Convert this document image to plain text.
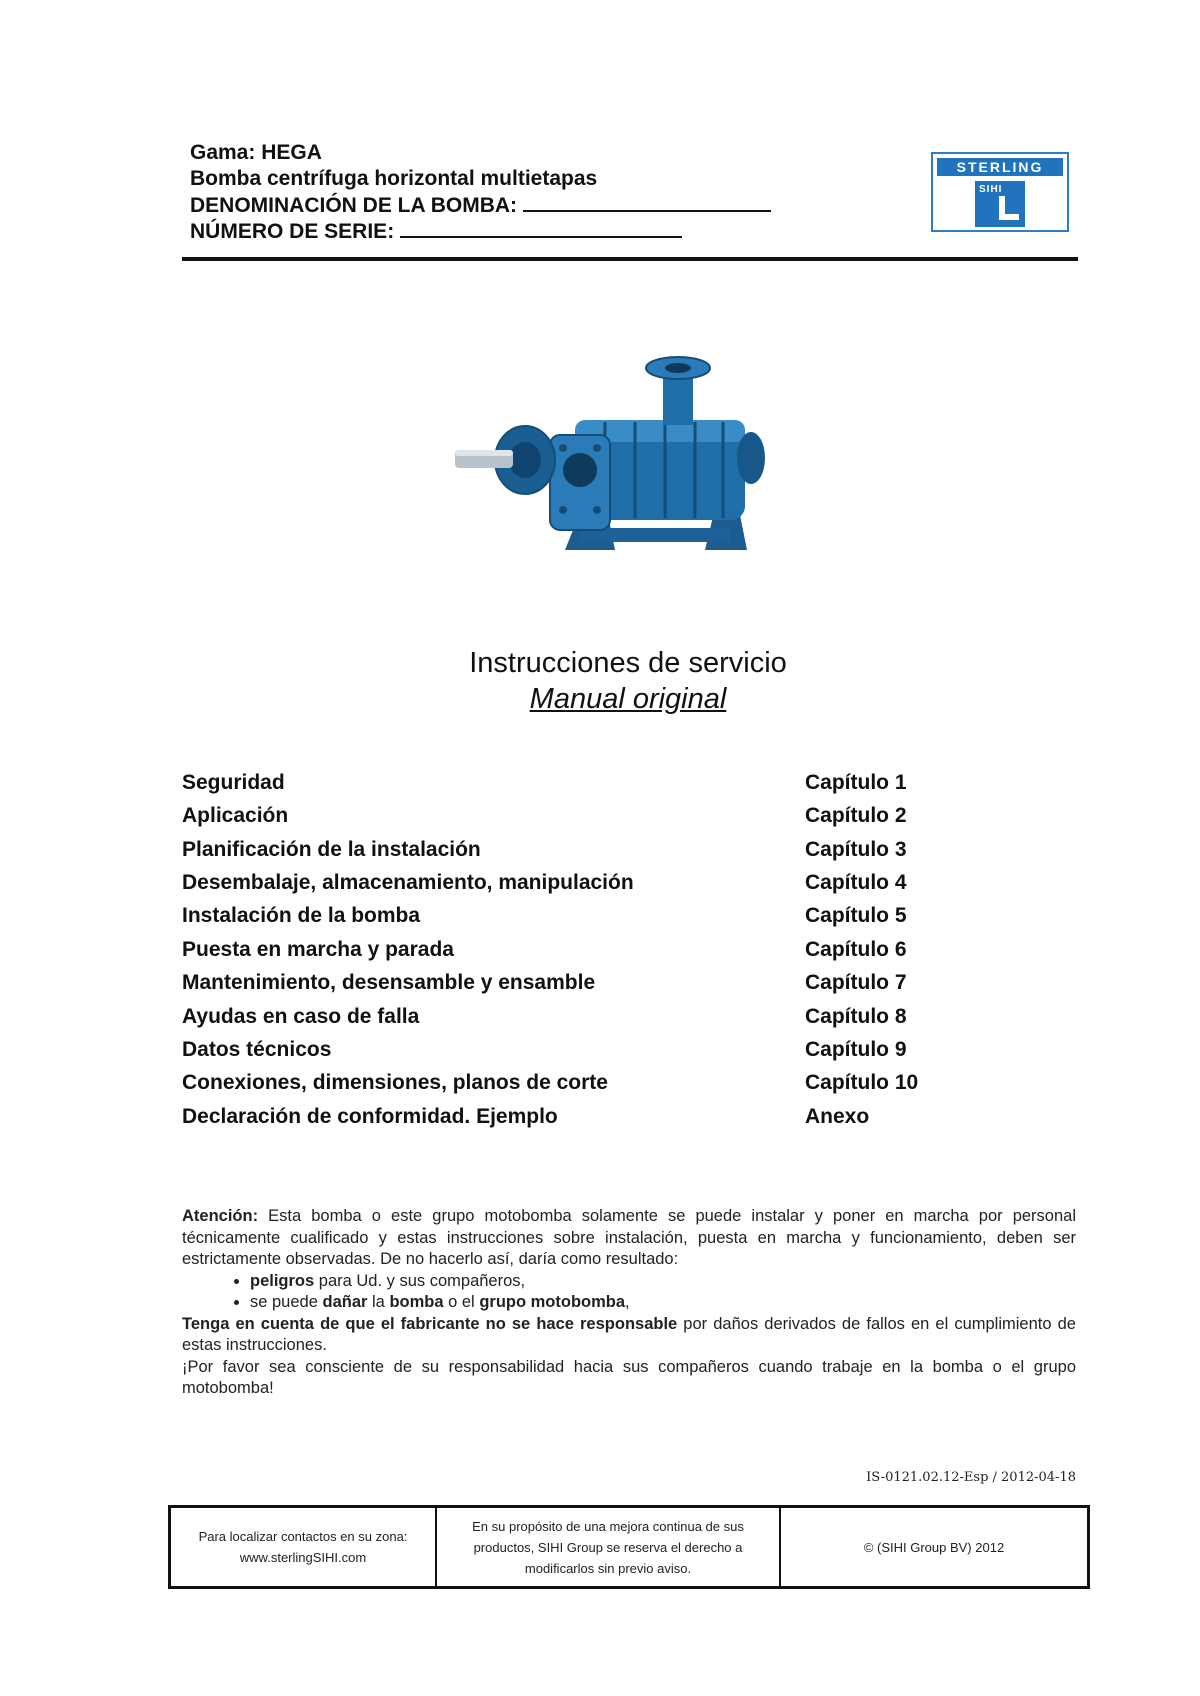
Gama: HEGA
Bomba centrífuga horizontal multietapas
DENOMINACIÓN DE LA BOMBA:
NÚMERO DE SERIE:
STERLING
SIHI
Instrucciones de servicio
Manual original
Seguridad	Capítulo 1
Aplicación	Capítulo 2
Planificación de la instalación	Capítulo 3
Desembalaje, almacenamiento, manipulación	Capítulo 4
Instalación de la bomba	Capítulo 5
Puesta en marcha y parada	Capítulo 6
Mantenimiento, desensamble y ensamble	Capítulo 7
Ayudas en caso de falla	Capítulo 8
Datos técnicos	Capítulo 9
Conexiones, dimensiones, planos de corte	Capítulo 10
Declaración de conformidad. Ejemplo	Anexo

Atención: Esta bomba o este grupo motobomba solamente se puede instalar y poner en marcha por personal técnicamente cualificado y estas instrucciones sobre instalación, puesta en marcha y funcionamiento, deben ser estrictamente observadas. De no hacerlo así, daría como resultado:

• peligros para Ud. y sus compañeros,
• se puede dañar la bomba o el grupo motobomba,

Tenga en cuenta de que el fabricante no se hace responsable por daños derivados de fallos en el cumplimiento de estas instrucciones.

¡Por favor sea consciente de su responsabilidad hacia sus compañeros cuando trabaje en la bomba o el grupo motobomba!

IS-0121.02.12-Esp / 2012-04-18
Para localizar contactos en su zona:
www.sterlingSIHI.com
En su propósito de una mejora continua de sus
productos, SIHI Group se reserva el derecho a
modificarlos sin previo aviso.
© (SIHI Group BV) 2012
